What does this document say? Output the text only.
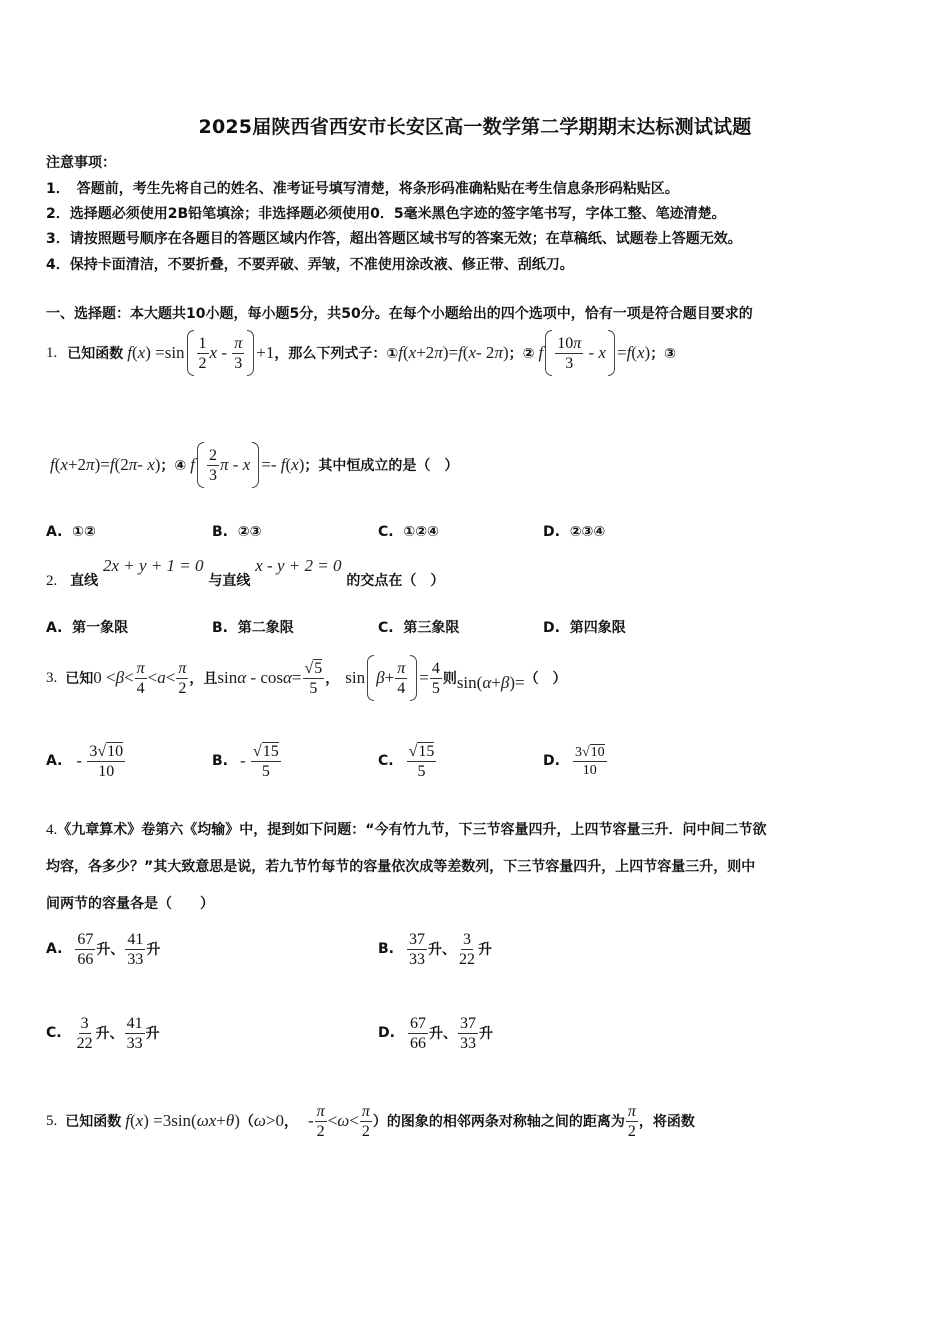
2025届陕西省西安市长安区高一数学第二学期期末达标测试试题
注意事项：
1．　答题前，考生先将自己的姓名、准考证号填写清楚，将条形码准确粘贴在考生信息条形码粘贴区。
2．选择题必须使用2B铅笔填涂；非选择题必须使用0．5毫米黑色字迹的签字笔书写，字体工整、笔迹清楚。
3．请按照题号顺序在各题目的答题区域内作答，超出答题区域书写的答案无效；在草稿纸、试题卷上答题无效。
4．保持卡面清洁，不要折叠，不要弄破、弄皱，不准使用涂改液、修正带、刮纸刀。
一、选择题：本大题共10小题，每小题5分，共50分。在每个小题给出的四个选项中，恰有一项是符合题目要求的
1. 已知函数 f ( x ) $=\sin \frac{1}{2}$ $x - \frac{\pi}{3} +1$ ，那么下列式子：① f ( x +2 π )= f ( x - 2 π ) ；② f $\frac{10\pi}{3} - x = f$ ( x ) ；③
f ( x +2 π )= f (2 π - x ) ；④ f $\frac{2}{3}$ π - x =- f ( x ) ；其中恒成立的是（　）
A. ①②	B. ②③	C. ①②④	D. ②③④
2. 直线 2x + y + 1 = 0 与直线 x - y + 2 = 0 的交点在（　）
A. 第一象限	B. 第二象限	C. 第三象限	D. 第四象限
3. 已知 $0 < \beta < \frac{\pi}{4} < a < \frac{\pi}{2}$ ，且 $\sin \alpha - \cos \alpha = \frac{√5}{5}$ ， $\sin \beta + \frac{\pi}{4} = \frac{4}{5}$ 则 sin( α + β )= （　）
A. - $\frac{3√10}{10}$	B. - $\frac{√15}{5}$	C. $\frac{√15}{5}$	D. $\frac{3√10}{10}$
4.《九章算术》卷第六《均输》中，提到如下问题：“今有竹九节，下三节容量四升，上四节容量三升．问中间二节欲
均容，各多少？”其大致意思是说，若九节竹每节的容量依次成等差数列，下三节容量四升，上四节容量三升，则中
间两节的容量各是（　　）
A. $\frac{67}{66}$ 升 、 $\frac{41}{33}$ 升	B. $\frac{37}{33}$ 升 、 $\frac{3}{22}$ 升
C. $\frac{3}{22}$ 升 、 $\frac{41}{33}$ 升	D. $\frac{67}{66}$ 升 、 $\frac{37}{33}$ 升
5. 已知函数 f ( x ) =3sin( ωx + θ ) （ ω >0 ， - $\frac{\pi}{2} < \omega < \frac{\pi}{2}$ ）的图象的相邻两条对称轴之间的距离为 $\frac{\pi}{2}$ ，将函数
